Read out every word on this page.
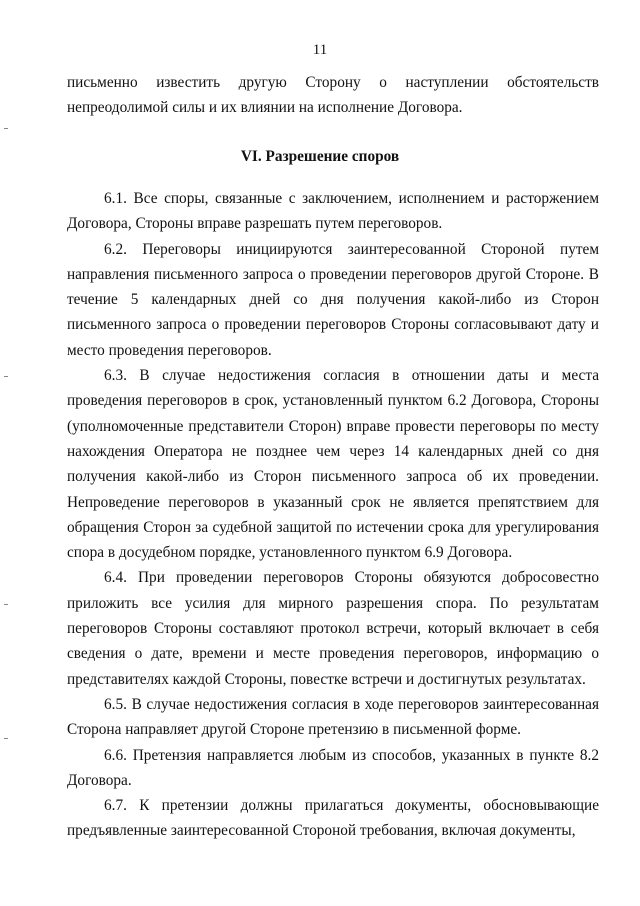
11

письменно известить другую Сторону о наступлении обстоятельств непреодолимой силы и их влиянии на исполнение Договора.

VI. Разрешение споров

6.1. Все споры, связанные с заключением, исполнением и расторжением Договора, Стороны вправе разрешать путем переговоров.

6.2. Переговоры инициируются заинтересованной Стороной путем направления письменного запроса о проведении переговоров другой Стороне. В течение 5 календарных дней со дня получения какой-либо из Сторон письменного запроса о проведении переговоров Стороны согласовывают дату и место проведения переговоров.

6.3. В случае недостижения согласия в отношении даты и места проведения переговоров в срок, установленный пунктом 6.2 Договора, Стороны (уполномоченные представители Сторон) вправе провести переговоры по месту нахождения Оператора не позднее чем через 14 календарных дней со дня получения какой-либо из Сторон письменного запроса об их проведении. Непроведение переговоров в указанный срок не является препятствием для обращения Сторон за судебной защитой по истечении срока для урегулирования спора в досудебном порядке, установленного пунктом 6.9 Договора.

6.4. При проведении переговоров Стороны обязуются добросовестно приложить все усилия для мирного разрешения спора. По результатам переговоров Стороны составляют протокол встречи, который включает в себя сведения о дате, времени и месте проведения переговоров, информацию о представителях каждой Стороны, повестке встречи и достигнутых результатах.

6.5. В случае недостижения согласия в ходе переговоров заинтересованная Сторона направляет другой Стороне претензию в письменной форме.

6.6. Претензия направляется любым из способов, указанных в пункте 8.2 Договора.

6.7. К претензии должны прилагаться документы, обосновывающие предъявленные заинтересованной Стороной требования, включая документы,
